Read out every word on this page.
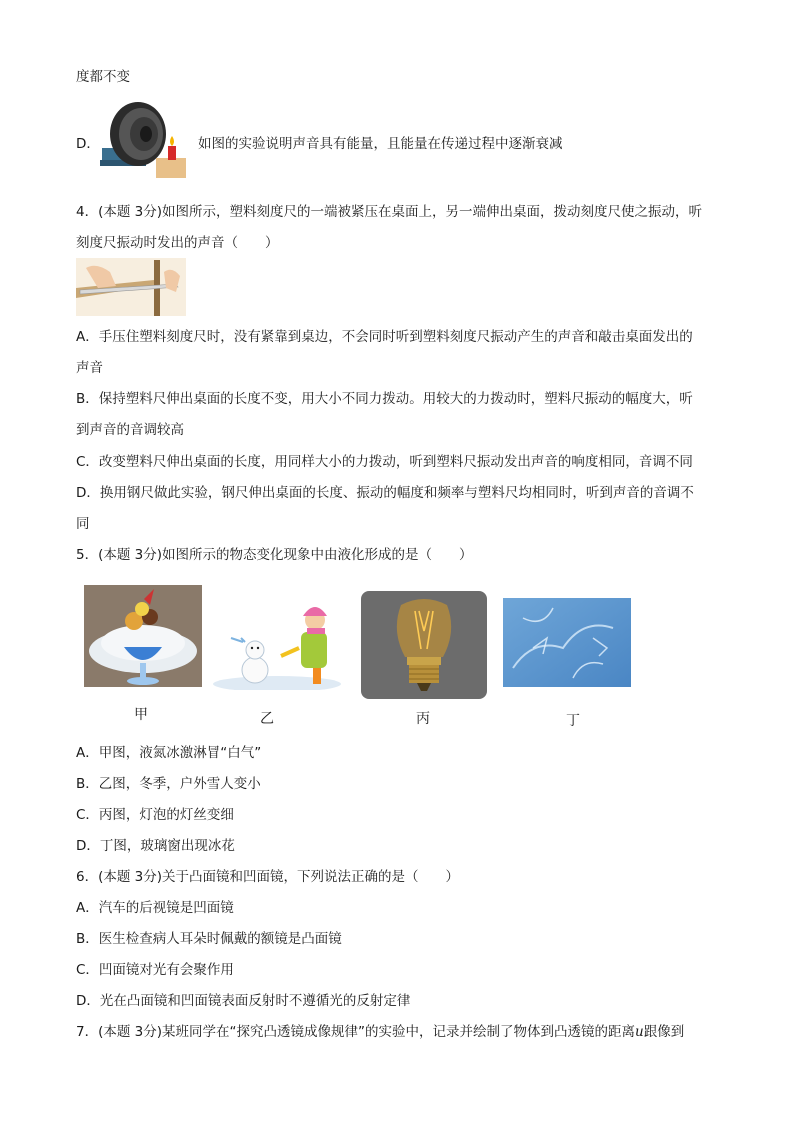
度都不变
D．	如图的实验说明声音具有能量，且能量在传递过程中逐渐衰减
4．(本题 3分)如图所示，塑料刻度尺的一端被紧压在桌面上，另一端伸出桌面，拨动刻度尺使之振动，听
刻度尺振动时发出的声音（　　）
A．手压住塑料刻度尺时，没有紧靠到桌边，不会同时听到塑料刻度尺振动产生的声音和敲击桌面发出的
声音
B．保持塑料尺伸出桌面的长度不变，用大小不同力拨动。用较大的力拨动时，塑料尺振动的幅度大，听
到声音的音调较高
C．改变塑料尺伸出桌面的长度，用同样大小的力拨动，听到塑料尺振动发出声音的响度相同，音调不同
D．换用钢尺做此实验，钢尺伸出桌面的长度、振动的幅度和频率与塑料尺均相同时，听到声音的音调不
同
5．(本题 3分)如图所示的物态变化现象中由液化形成的是（　　）
甲	乙	丙	丁
A．甲图，液氮冰激淋冒“白气”
B．乙图，冬季，户外雪人变小
C．丙图，灯泡的灯丝变细
D．丁图，玻璃窗出现冰花
6．(本题 3分)关于凸面镜和凹面镜，下列说法正确的是（　　）
A．汽车的后视镜是凹面镜
B．医生检查病人耳朵时佩戴的额镜是凸面镜
C．凹面镜对光有会聚作用
D．光在凸面镜和凹面镜表面反射时不遵循光的反射定律
7．(本题 3分)某班同学在“探究凸透镜成像规律”的实验中，记录并绘制了物体到凸透镜的距离u跟像到
